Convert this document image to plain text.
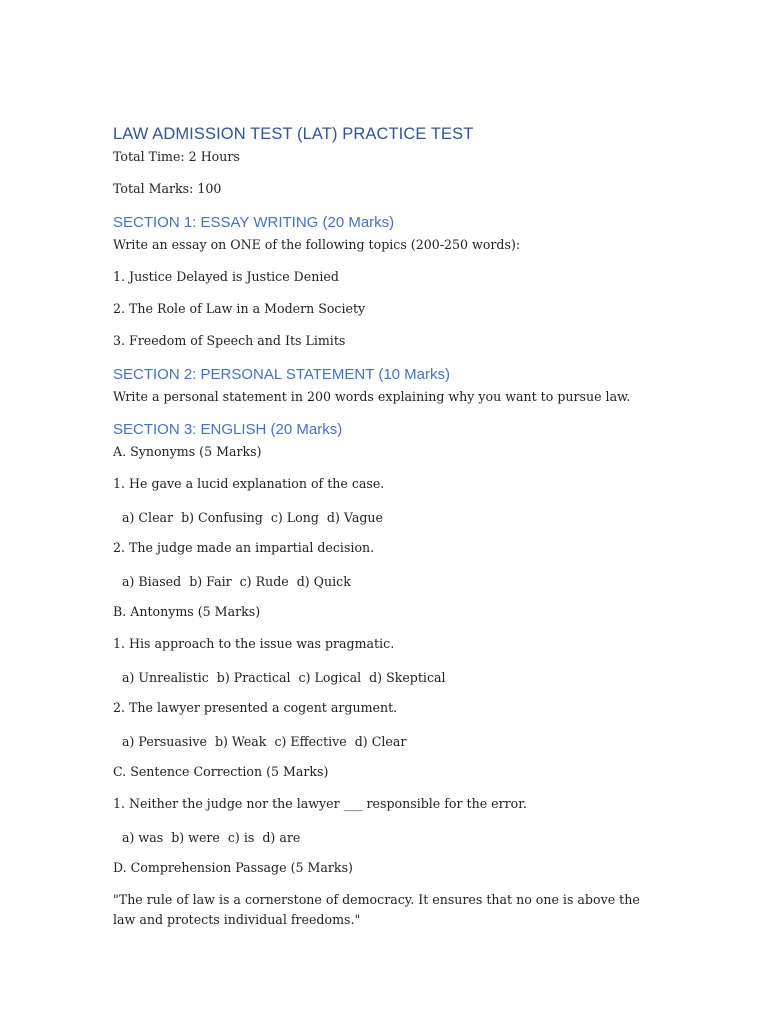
LAW ADMISSION TEST (LAT) PRACTICE TEST
Total Time: 2 Hours
Total Marks: 100
SECTION 1: ESSAY WRITING (20 Marks)
Write an essay on ONE of the following topics (200-250 words):
1. Justice Delayed is Justice Denied
2. The Role of Law in a Modern Society
3. Freedom of Speech and Its Limits
SECTION 2: PERSONAL STATEMENT (10 Marks)
Write a personal statement in 200 words explaining why you want to pursue law.
SECTION 3: ENGLISH (20 Marks)
A. Synonyms (5 Marks)
1. He gave a lucid explanation of the case.
a) Clear b) Confusing c) Long d) Vague
2. The judge made an impartial decision.
a) Biased b) Fair c) Rude d) Quick
B. Antonyms (5 Marks)
1. His approach to the issue was pragmatic.
a) Unrealistic b) Practical c) Logical d) Skeptical
2. The lawyer presented a cogent argument.
a) Persuasive b) Weak c) Effective d) Clear
C. Sentence Correction (5 Marks)
1. Neither the judge nor the lawyer ___ responsible for the error.
a) was b) were c) is d) are
D. Comprehension Passage (5 Marks)
"The rule of law is a cornerstone of democracy. It ensures that no one is above the law and protects individual freedoms."
